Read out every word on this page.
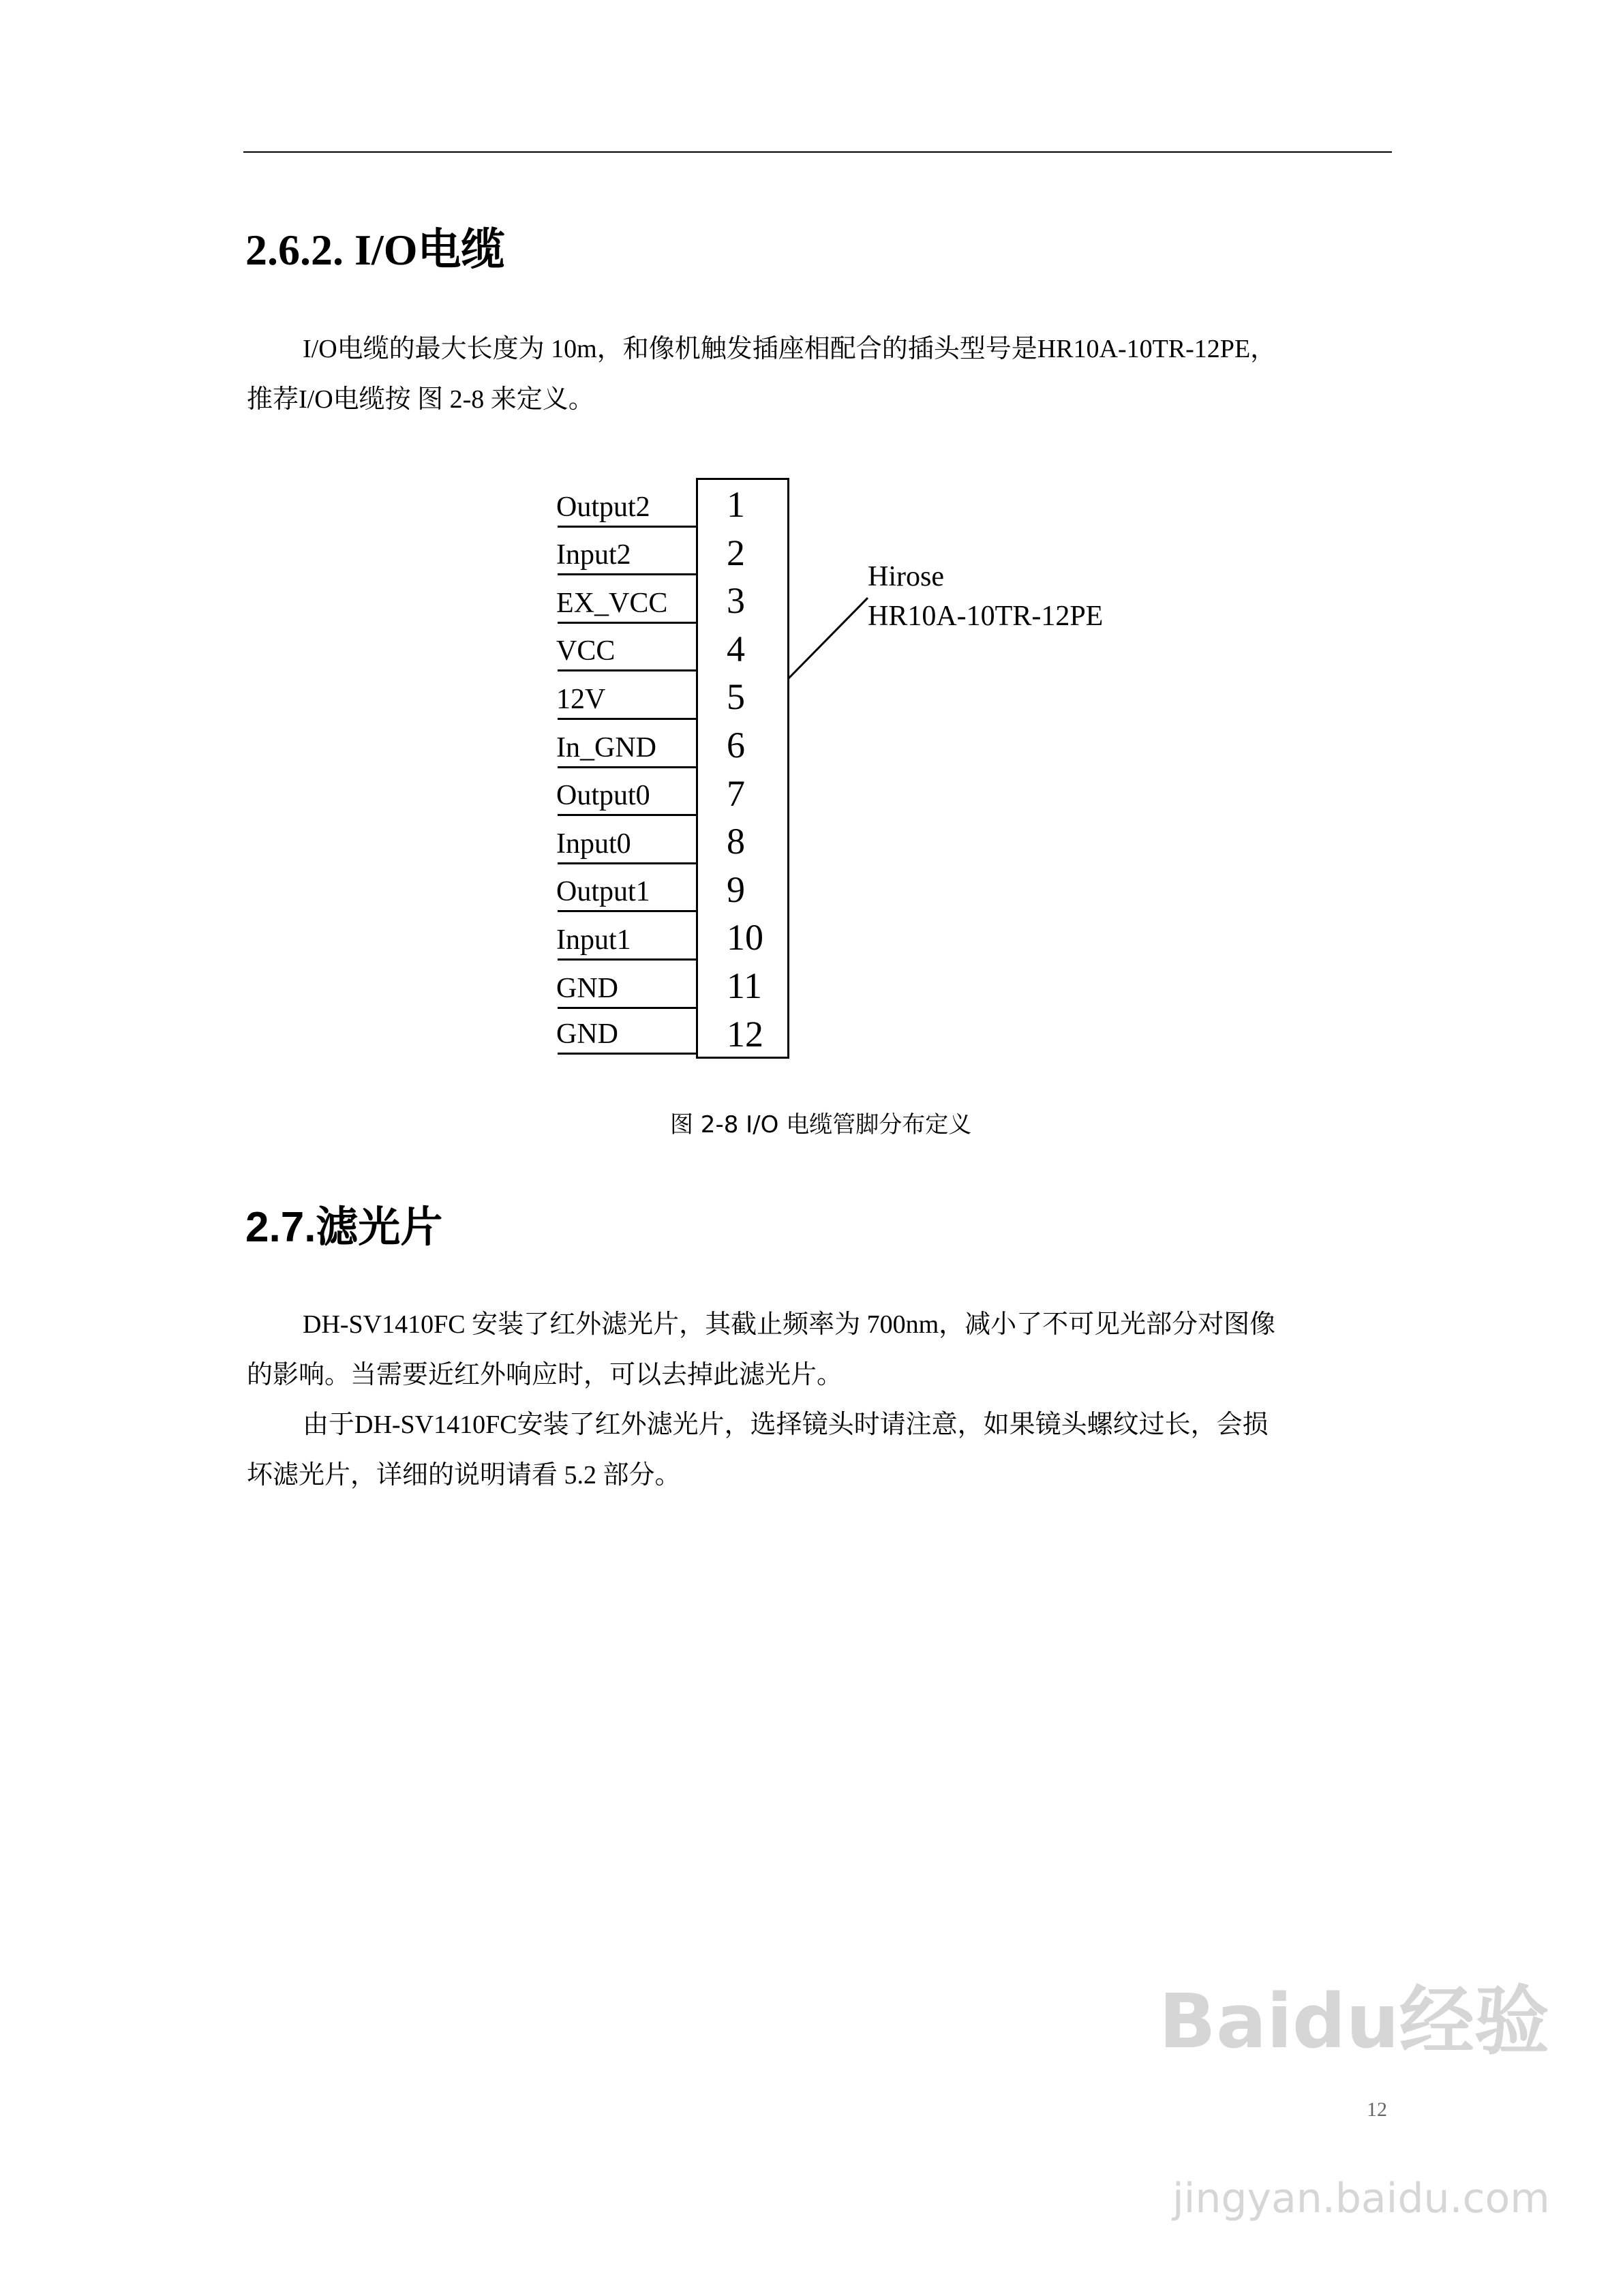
2.6.2. I/O电缆
I/O电缆的最大长度为 10m，和像机触发插座相配合的插头型号是HR10A-10TR-12PE，
推荐I/O电缆按 图 2-8 来定义。
Output2 1
Input2	2
EX_VCC 3
VCC	4
12V	5
In_GND 6
Output0 7
Input0	8
Output1 9
Input1	10
GND	11
GND	12
Hirose
HR10A-10TR-12PE
图 2-8 I/O 电缆管脚分布定义
2.7.滤光片
DH-SV1410FC 安装了红外滤光片，其截止频率为 700nm，减小了不可见光部分对图像
的影响。当需要近红外响应时，可以去掉此滤光片。
由于DH-SV1410FC安装了红外滤光片，选择镜头时请注意，如果镜头螺纹过长，会损
坏滤光片，详细的说明请看 5.2 部分。
Baidu经验
12
jingyan.baidu.com
